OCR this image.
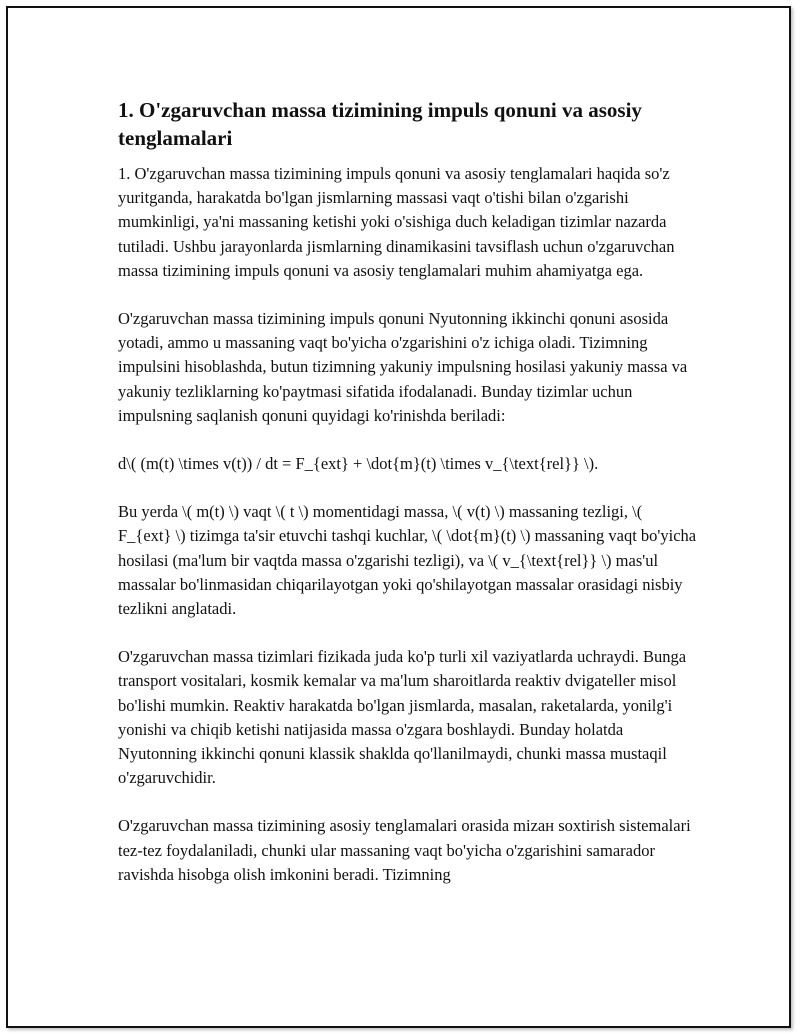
1. O'zgaruvchan massa tizimining impuls qonuni va asosiy tenglamalari

1. O'zgaruvchan massa tizimining impuls qonuni va asosiy tenglamalari haqida so'z yuritganda, harakatda bo'lgan jismlarning massasi vaqt o'tishi bilan o'zgarishi mumkinligi, ya'ni massaning ketishi yoki o'sishiga duch keladigan tizimlar nazarda tutiladi. Ushbu jarayonlarda jismlarning dinamikasini tavsiflash uchun o'zgaruvchan massa tizimining impuls qonuni va asosiy tenglamalari muhim ahamiyatga ega.

O'zgaruvchan massa tizimining impuls qonuni Nyutonning ikkinchi qonuni asosida yotadi, ammo u massaning vaqt bo'yicha o'zgarishini o'z ichiga oladi. Tizimning impulsini hisoblashda, butun tizimning yakuniy impulsning hosilasi yakuniy massa va yakuniy tezliklarning ko'paytmasi sifatida ifodalanadi. Bunday tizimlar uchun impulsning saqlanish qonuni quyidagi ko'rinishda beriladi:

d\( (m(t) \times v(t)) / dt = F_{ext} + \dot{m}(t) \times v_{\text{rel}} \).

Bu yerda \( m(t) \) vaqt \( t \) momentidagi massa, \( v(t) \) massaning tezligi, \( F_{ext} \) tizimga ta'sir etuvchi tashqi kuchlar, \( \dot{m}(t) \) massaning vaqt bo'yicha hosilasi (ma'lum bir vaqtda massa o'zgarishi tezligi), va \( v_{\text{rel}} \) mas'ul massalar bo'linmasidan chiqarilayotgan yoki qo'shilayotgan massalar orasidagi nisbiy tezlikni anglatadi.

O'zgaruvchan massa tizimlari fizikada juda ko'p turli xil vaziyatlarda uchraydi. Bunga transport vositalari, kosmik kemalar va ma'lum sharoitlarda reaktiv dvigateller misol bo'lishi mumkin. Reaktiv harakatda bo'lgan jismlarda, masalan, raketalarda, yonilg'i yonishi va chiqib ketishi natijasida massa o'zgara boshlaydi. Bunday holatda Nyutonning ikkinchi qonuni klassik shaklda qo'llanilmaydi, chunki massa mustaqil o'zgaruvchidir.

O'zgaruvchan massa tizimining asosiy tenglamalari orasida mizан soxtirish sistemalari tez-tez foydalaniladi, chunki ular massaning vaqt bo'yicha o'zgarishini samarador ravishda hisobga olish imkonini beradi. Tizimning
